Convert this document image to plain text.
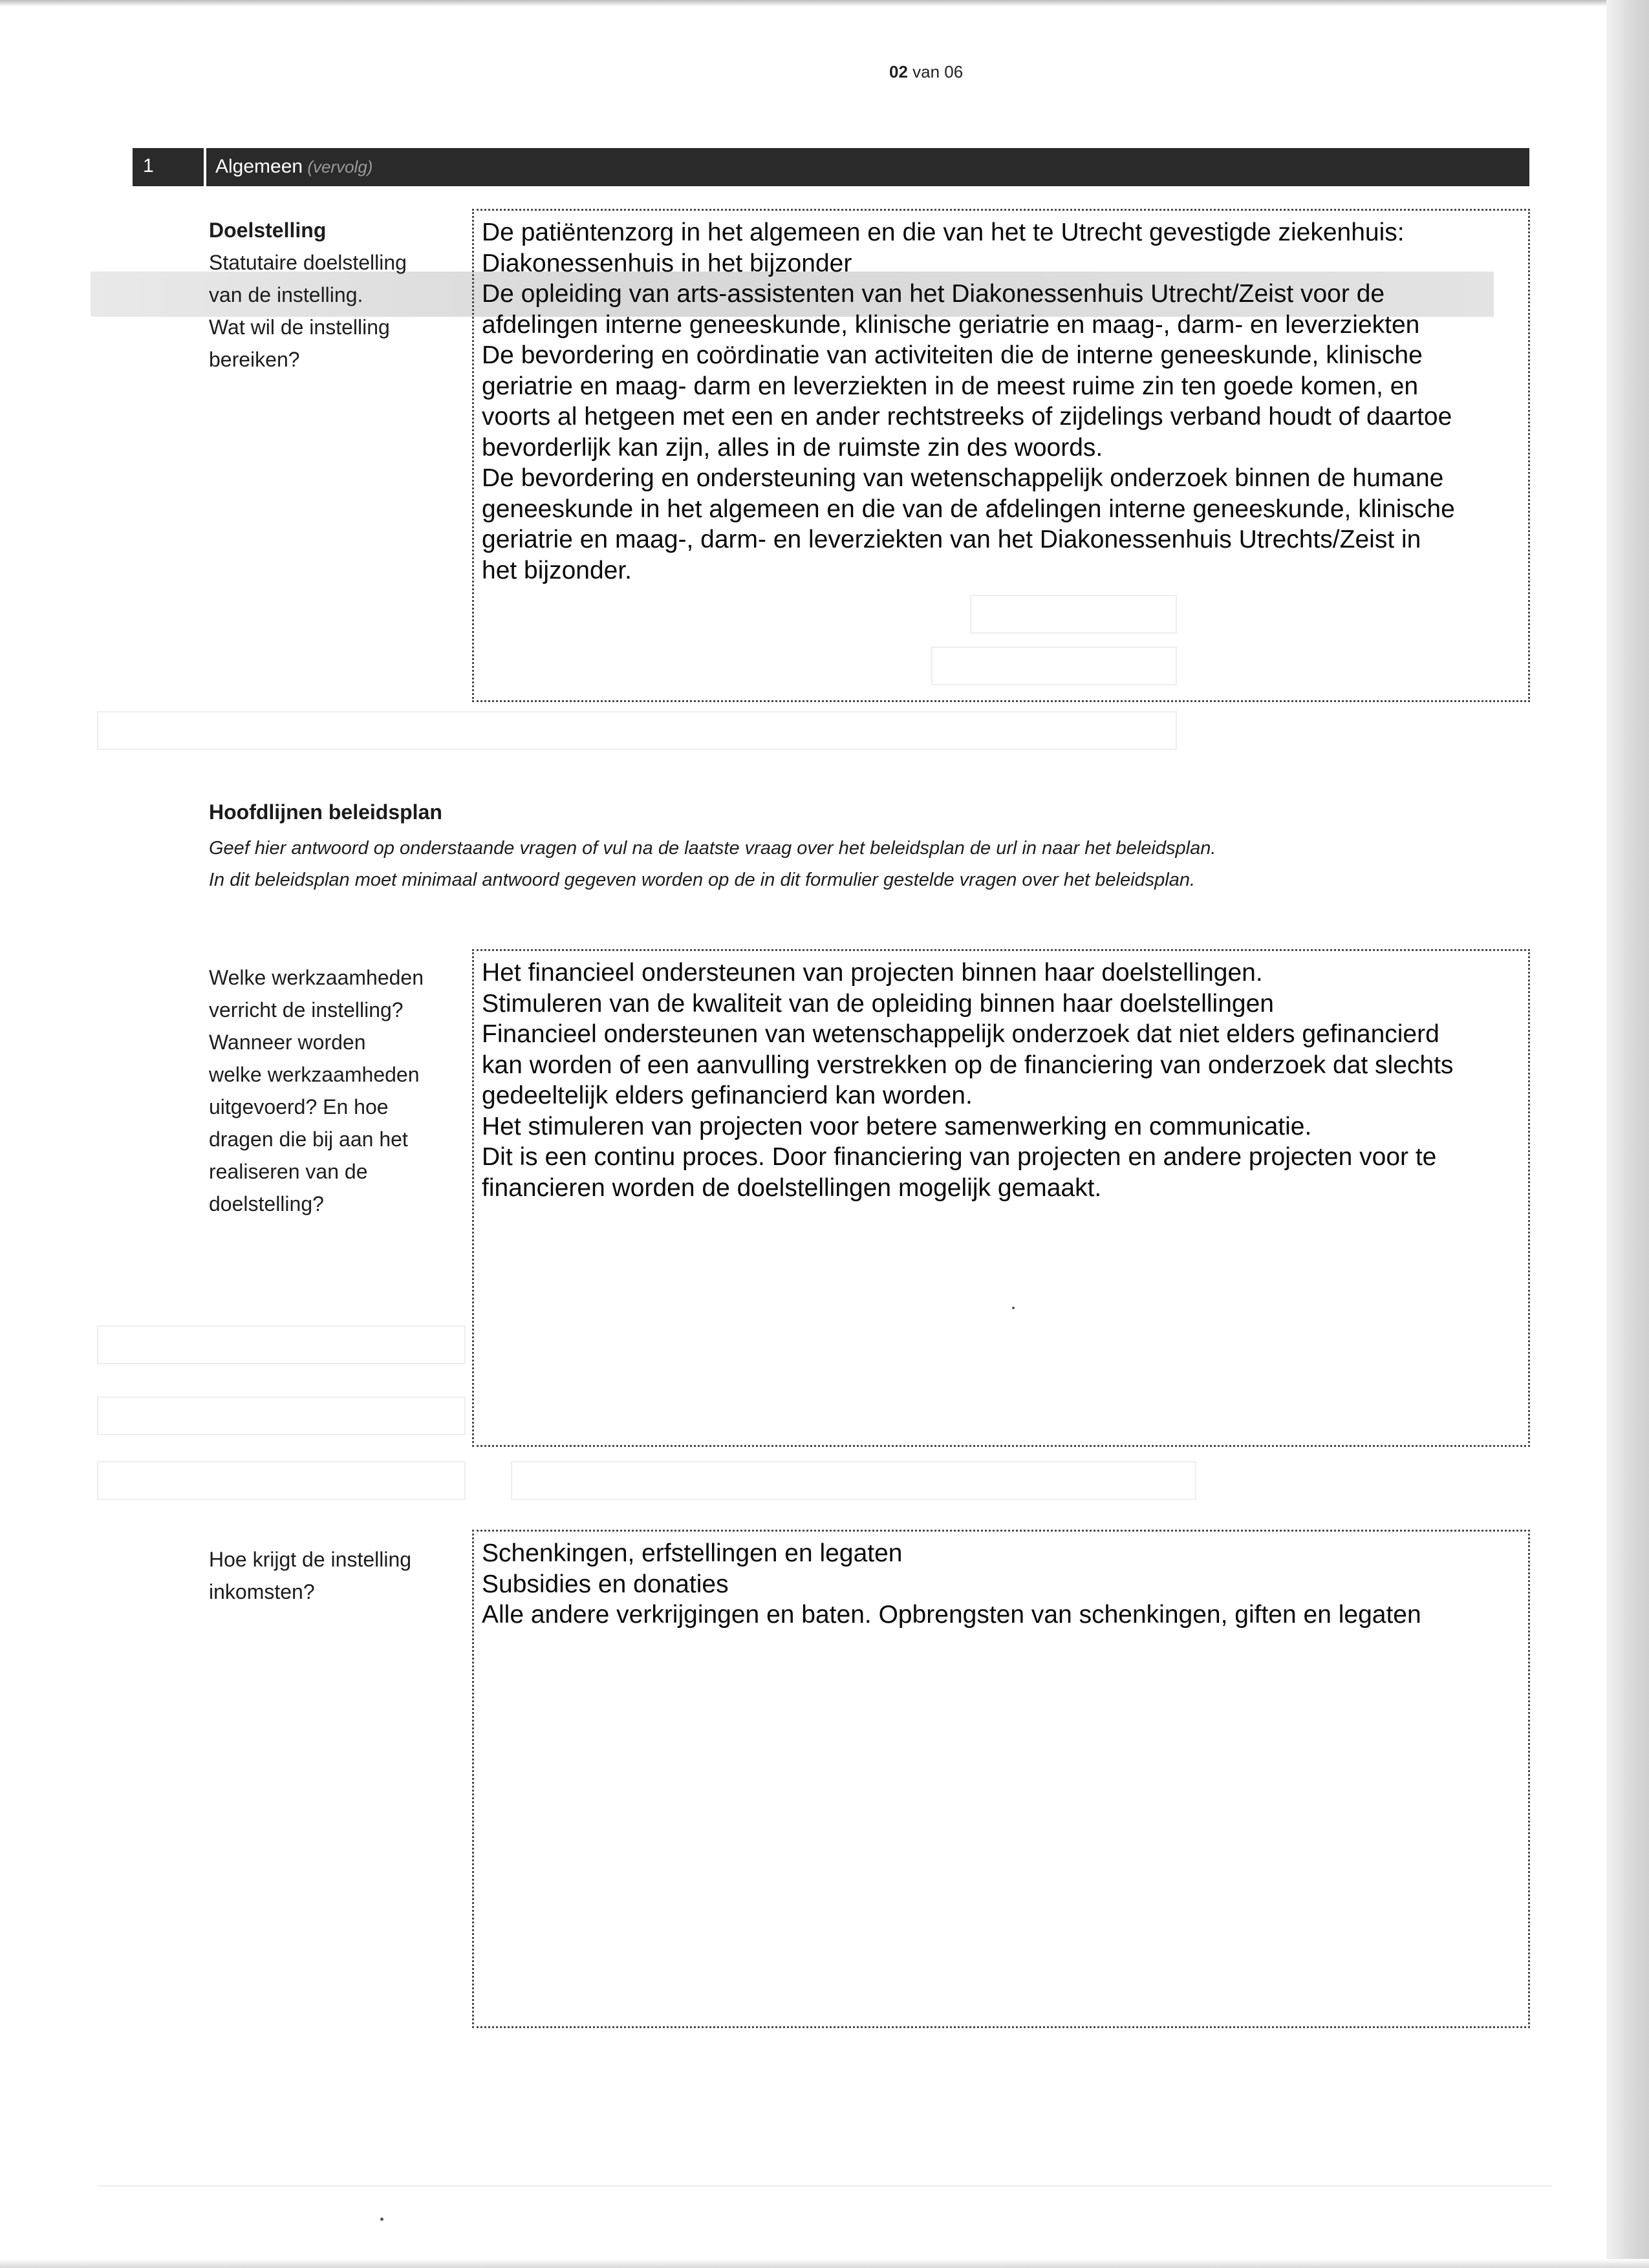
02 van 06
1	Algemeen (vervolg)
Doelstelling
Statutaire doelstelling
van de instelling.
Wat wil de instelling
bereiken?
De patiëntenzorg in het algemeen en die van het te Utrecht gevestigde ziekenhuis:
Diakonessenhuis in het bijzonder
De opleiding van arts-assistenten van het Diakonessenhuis Utrecht/Zeist voor de
afdelingen interne geneeskunde, klinische geriatrie en maag-, darm- en leverziekten
De bevordering en coördinatie van activiteiten die de interne geneeskunde, klinische
geriatrie en maag- darm en leverziekten in de meest ruime zin ten goede komen, en
voorts al hetgeen met een en ander rechtstreeks of zijdelings verband houdt of daartoe
bevorderlijk kan zijn, alles in de ruimste zin des woords.
De bevordering en ondersteuning van wetenschappelijk onderzoek binnen de humane
geneeskunde in het algemeen en die van de afdelingen interne geneeskunde, klinische
geriatrie en maag-, darm- en leverziekten van het Diakonessenhuis Utrechts/Zeist in
het bijzonder.
Hoofdlijnen beleidsplan
Geef hier antwoord op onderstaande vragen of vul na de laatste vraag over het beleidsplan de url in naar het beleidsplan.
In dit beleidsplan moet minimaal antwoord gegeven worden op de in dit formulier gestelde vragen over het beleidsplan.
Welke werkzaamheden
verricht de instelling?
Wanneer worden
welke werkzaamheden
uitgevoerd? En hoe
dragen die bij aan het
realiseren van de
doelstelling?
Het financieel ondersteunen van projecten binnen haar doelstellingen.
Stimuleren van de kwaliteit van de opleiding binnen haar doelstellingen
Financieel ondersteunen van wetenschappelijk onderzoek dat niet elders gefinancierd
kan worden of een aanvulling verstrekken op de financiering van onderzoek dat slechts
gedeeltelijk elders gefinancierd kan worden.
Het stimuleren van projecten voor betere samenwerking en communicatie.
Dit is een continu proces. Door financiering van projecten en andere projecten voor te
financieren worden de doelstellingen mogelijk gemaakt.
Hoe krijgt de instelling
inkomsten?
Schenkingen, erfstellingen en legaten
Subsidies en donaties
Alle andere verkrijgingen en baten. Opbrengsten van schenkingen, giften en legaten
